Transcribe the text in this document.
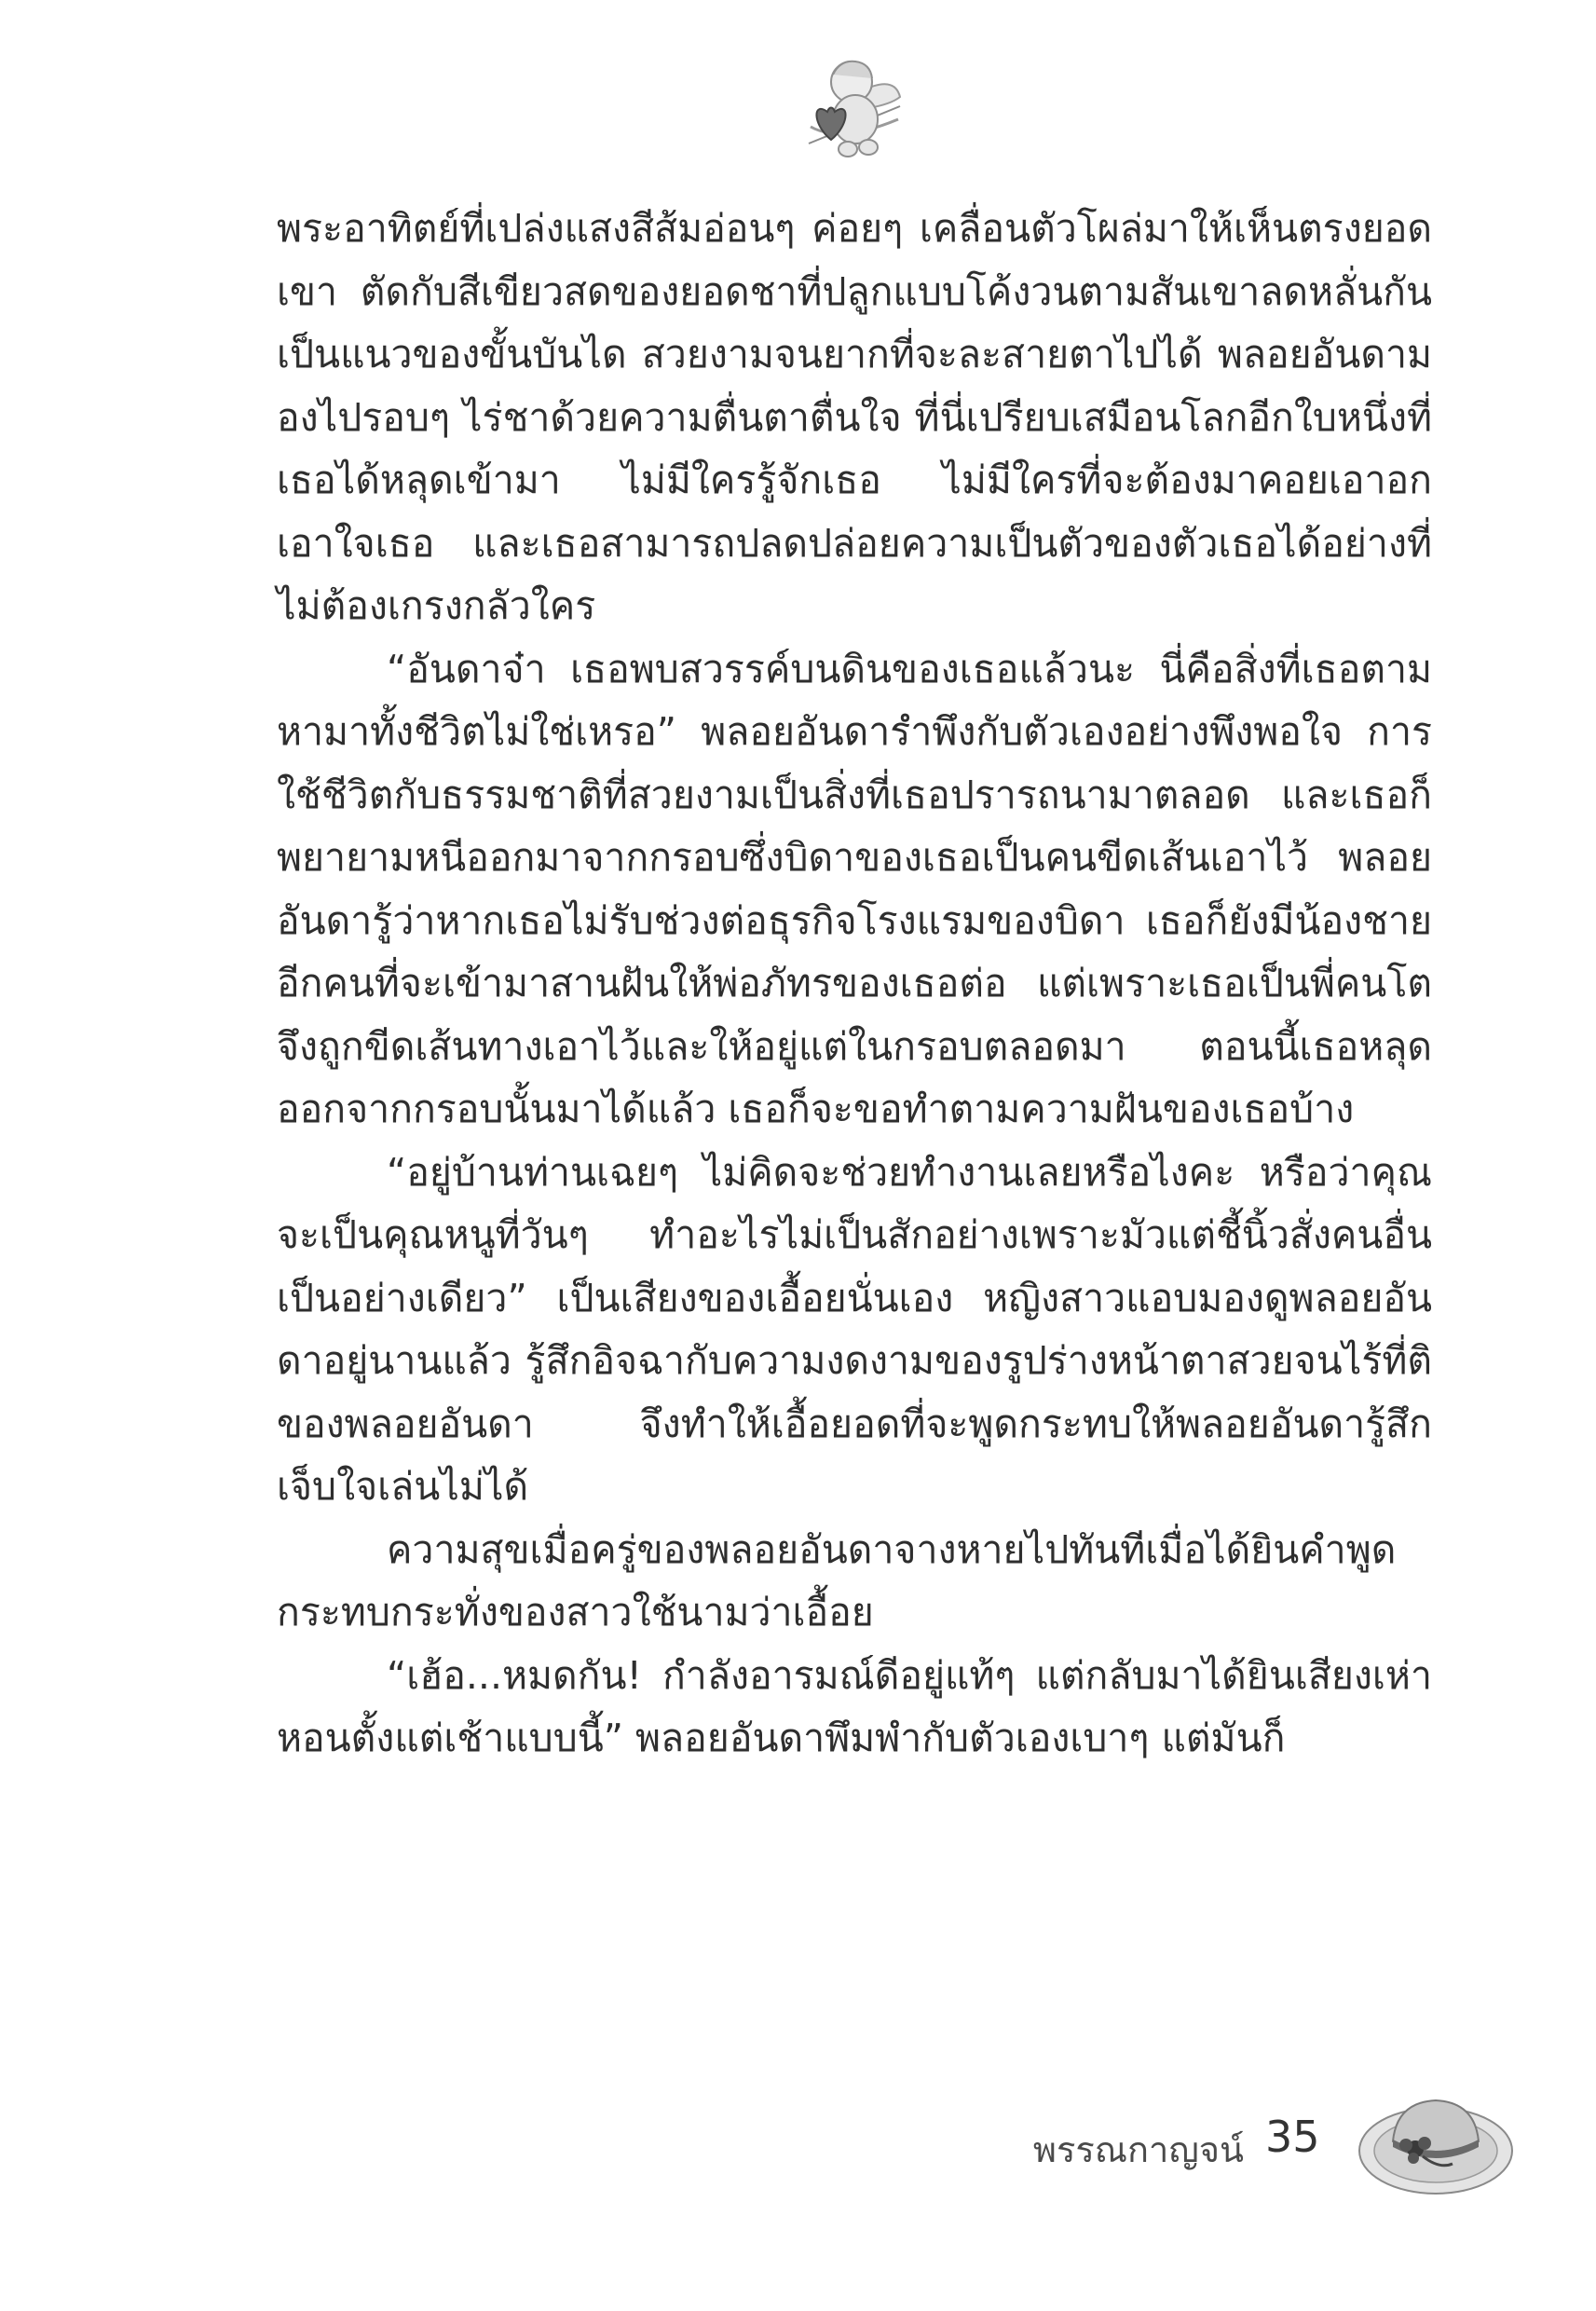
พระอาทิตย์ที่เปล่งแสงสีส้มอ่อนๆ ค่อยๆ เคลื่อนตัวโผล่มาให้เห็นตรงยอดเขา ตัดกับสีเขียวสดของยอดชาที่ปลูกแบบโค้งวนตามสันเขาลดหลั่นกันเป็นแนวของขั้นบันได สวยงามจนยากที่จะละสายตาไปได้ พลอยอันดามองไปรอบๆ ไร่ชาด้วยความตื่นตาตื่นใจ ที่นี่เปรียบเสมือนโลกอีกใบหนึ่งที่เธอได้หลุดเข้ามา ไม่มีใครรู้จักเธอ ไม่มีใครที่จะต้องมาคอยเอาอกเอาใจเธอ และเธอสามารถปลดปล่อยความเป็นตัวของตัวเธอได้อย่างที่ไม่ต้องเกรงกลัวใคร

“อันดาจ๋า เธอพบสวรรค์บนดินของเธอแล้วนะ นี่คือสิ่งที่เธอตามหามาทั้งชีวิตไม่ใช่เหรอ” พลอยอันดารำพึงกับตัวเองอย่างพึงพอใจ การใช้ชีวิตกับธรรมชาติที่สวยงามเป็นสิ่งที่เธอปรารถนามาตลอด และเธอก็พยายามหนีออกมาจากกรอบซึ่งบิดาของเธอเป็นคนขีดเส้นเอาไว้ พลอยอันดารู้ว่าหากเธอไม่รับช่วงต่อธุรกิจโรงแรมของบิดา เธอก็ยังมีน้องชายอีกคนที่จะเข้ามาสานฝันให้พ่อภัทรของเธอต่อ แต่เพราะเธอเป็นพี่คนโตจึงถูกขีดเส้นทางเอาไว้และให้อยู่แต่ในกรอบตลอดมา ตอนนี้เธอหลุดออกจากกรอบนั้นมาได้แล้ว เธอก็จะขอทำตามความฝันของเธอบ้าง

“อยู่บ้านท่านเฉยๆ ไม่คิดจะช่วยทำงานเลยหรือไงคะ หรือว่าคุณจะเป็นคุณหนูที่วันๆ ทำอะไรไม่เป็นสักอย่างเพราะมัวแต่ชี้นิ้วสั่งคนอื่นเป็นอย่างเดียว” เป็นเสียงของเอื้อยนั่นเอง หญิงสาวแอบมองดูพลอยอันดาอยู่นานแล้ว รู้สึกอิจฉากับความงดงามของรูปร่างหน้าตาสวยจนไร้ที่ติของพลอยอันดา จึงทำให้เอื้อยอดที่จะพูดกระทบให้พลอยอันดารู้สึกเจ็บใจเล่นไม่ได้

ความสุขเมื่อครู่ของพลอยอันดาจางหายไปทันทีเมื่อได้ยินคำพูดกระทบกระทั่งของสาวใช้นามว่าเอื้อย

“เฮ้อ...หมดกัน! กำลังอารมณ์ดีอยู่แท้ๆ แต่กลับมาได้ยินเสียงเห่าหอนตั้งแต่เช้าแบบนี้” พลอยอันดาพึมพำกับตัวเองเบาๆ แต่มันก็

พรรณกาญจน์ 35
